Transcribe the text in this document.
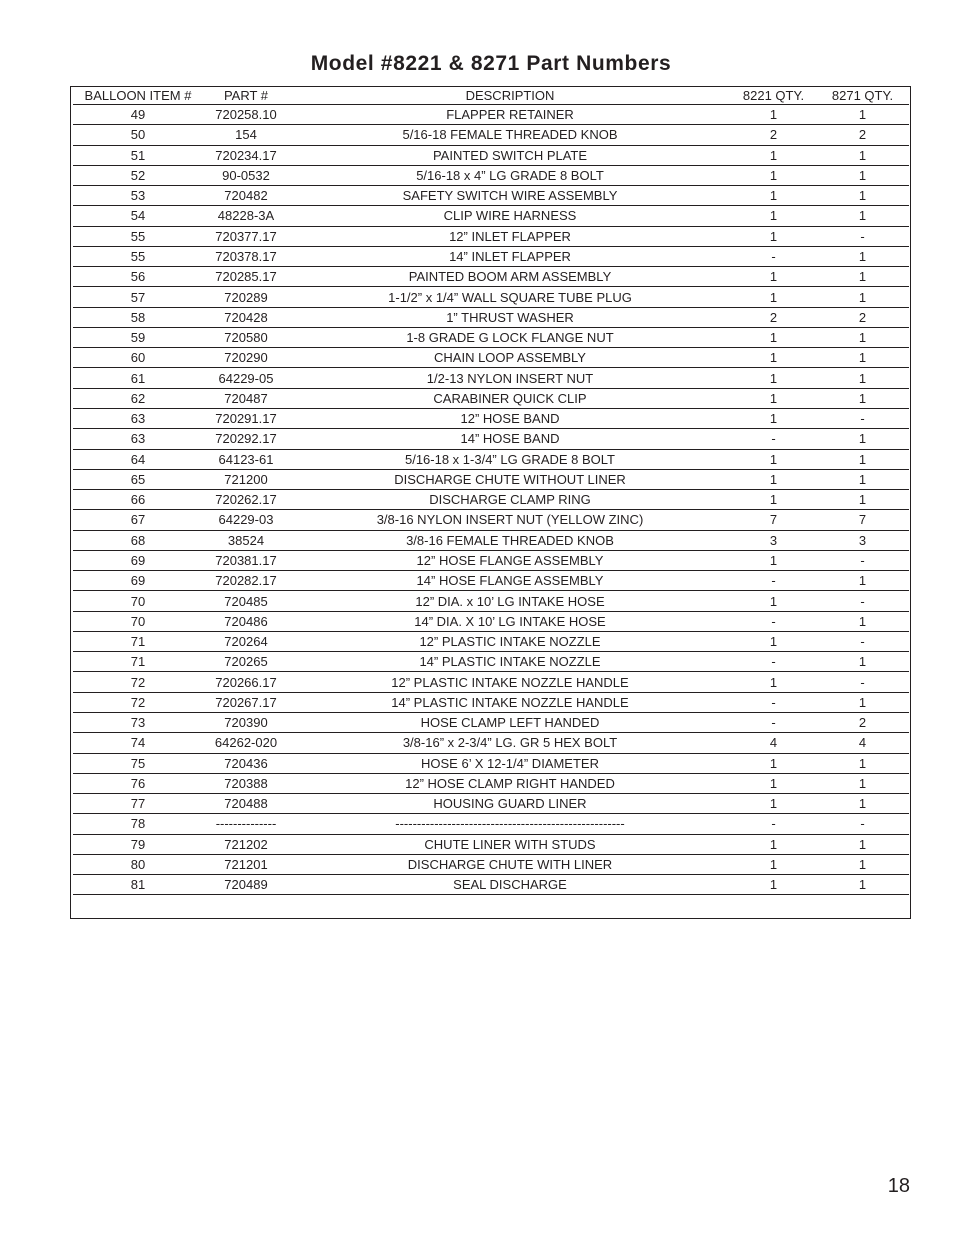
Model #8221 & 8271 Part Numbers
BALLOON ITEM #	PART #	DESCRIPTION	8221 QTY.	8271 QTY.
49	720258.10	FLAPPER RETAINER	1	1
50	154	5/16-18 FEMALE THREADED KNOB	2	2
51	720234.17	PAINTED SWITCH PLATE	1	1
52	90-0532	5/16-18 x 4” LG GRADE 8 BOLT	1	1
53	720482	SAFETY SWITCH WIRE ASSEMBLY	1	1
54	48228-3A	CLIP WIRE HARNESS	1	1
55	720377.17	12” INLET FLAPPER	1	-
55	720378.17	14” INLET FLAPPER	-	1
56	720285.17	PAINTED BOOM ARM ASSEMBLY	1	1
57	720289	1-1/2” x 1/4” WALL SQUARE TUBE PLUG	1	1
58	720428	1” THRUST WASHER	2	2
59	720580	1-8 GRADE G LOCK FLANGE NUT	1	1
60	720290	CHAIN LOOP ASSEMBLY	1	1
61	64229-05	1/2-13 NYLON INSERT NUT	1	1
62	720487	CARABINER QUICK CLIP	1	1
63	720291.17	12” HOSE BAND	1	-
63	720292.17	14” HOSE BAND	-	1
64	64123-61	5/16-18 x 1-3/4” LG GRADE 8 BOLT	1	1
65	721200	DISCHARGE CHUTE WITHOUT LINER	1	1
66	720262.17	DISCHARGE CLAMP RING	1	1
67	64229-03	3/8-16 NYLON INSERT NUT (YELLOW ZINC)	7	7
68	38524	3/8-16 FEMALE THREADED KNOB	3	3
69	720381.17	12” HOSE FLANGE ASSEMBLY	1	-
69	720282.17	14” HOSE FLANGE ASSEMBLY	-	1
70	720485	12” DIA. x 10’ LG INTAKE HOSE	1	-
70	720486	14” DIA. X 10’ LG INTAKE HOSE	-	1
71	720264	12” PLASTIC INTAKE NOZZLE	1	-
71	720265	14” PLASTIC INTAKE NOZZLE	-	1
72	720266.17	12” PLASTIC INTAKE NOZZLE HANDLE	1	-
72	720267.17	14” PLASTIC INTAKE NOZZLE HANDLE	-	1
73	720390	HOSE CLAMP LEFT HANDED	-	2
74	64262-020	3/8-16” x 2-3/4” LG. GR 5 HEX BOLT	4	4
75	720436	HOSE 6’ X 12-1/4” DIAMETER	1	1
76	720388	12” HOSE CLAMP RIGHT HANDED	1	1
77	720488	HOUSING GUARD LINER	1	1
78	--------------	-----------------------------------------------------	-	-
79	721202	CHUTE LINER WITH STUDS	1	1
80	721201	DISCHARGE CHUTE WITH LINER	1	1
81	720489	SEAL DISCHARGE	1	1

18
